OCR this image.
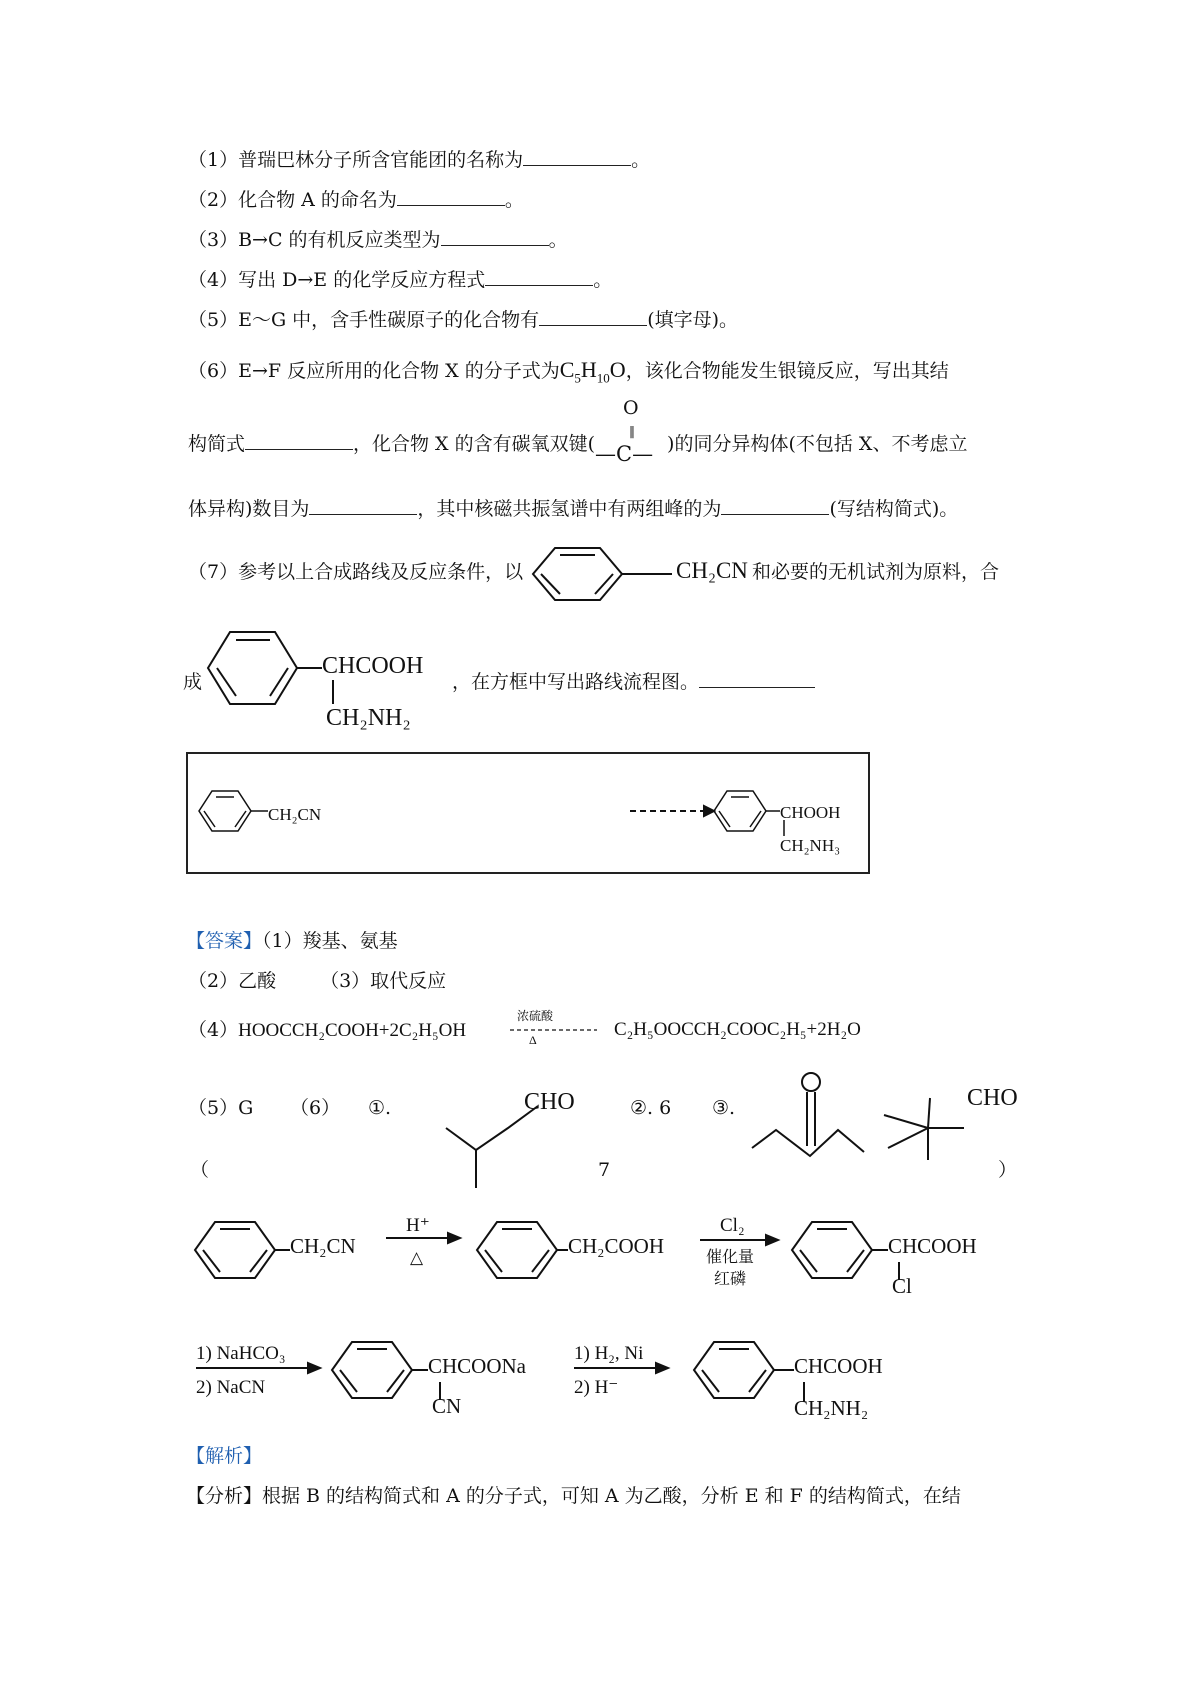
（1）普瑞巴林分子所含官能团的名称为	。
（2）化合物 A 的命名为	。
（3）B→C 的有机反应类型为	。
（4）写出 D→E 的化学反应方程式	。
（5）E～G 中，含手性碳原子的化合物有	(填字母)。
（6）E→F 反应所用的化合物 X 的分子式为$C_5H_{10}O$，该化合物能发生银镜反应，写出其结
构简式	，化合物 X 的含有碳氧双键(
O
‖
—C— )的同分异构体(不包括 X、不考虑立
体异构)数目为	，其中核磁共振氢谱中有两组峰的为	(写结构简式)。
（7）参考以上合成路线及反应条件，以	CH₂CN 和必要的无机试剂为原料，合
成
CHCOOH
CH₂NH₂
，在方框中写出路线流程图。
CH₂CN	CHOOH
CH₂NH₃
【答案】（1）羧基、氨基
（2）乙酸 （3）取代反应
（4）HOOCCH₂COOH+2C₂H₅OH
浓硫酸
Δ	C₂H₅OOCCH₂COOC₂H₅+2H₂O
（5）G （6） ①.	CHO	②. 6 ③.	CHO
（	7	）
CH₂CN
H⁺
△	CH₂COOH
Cl₂
催化量
红磷
CHCOOH
Cl
1) NaHCO₃
2) NaCN
CHCOONa
CN
1) H₂, Ni
2) H⁻
CHCOOH
CH₂NH₂
【解析】
【分析】根据 B 的结构简式和 A 的分子式，可知 A 为乙酸，分析 E 和 F 的结构简式，在结
